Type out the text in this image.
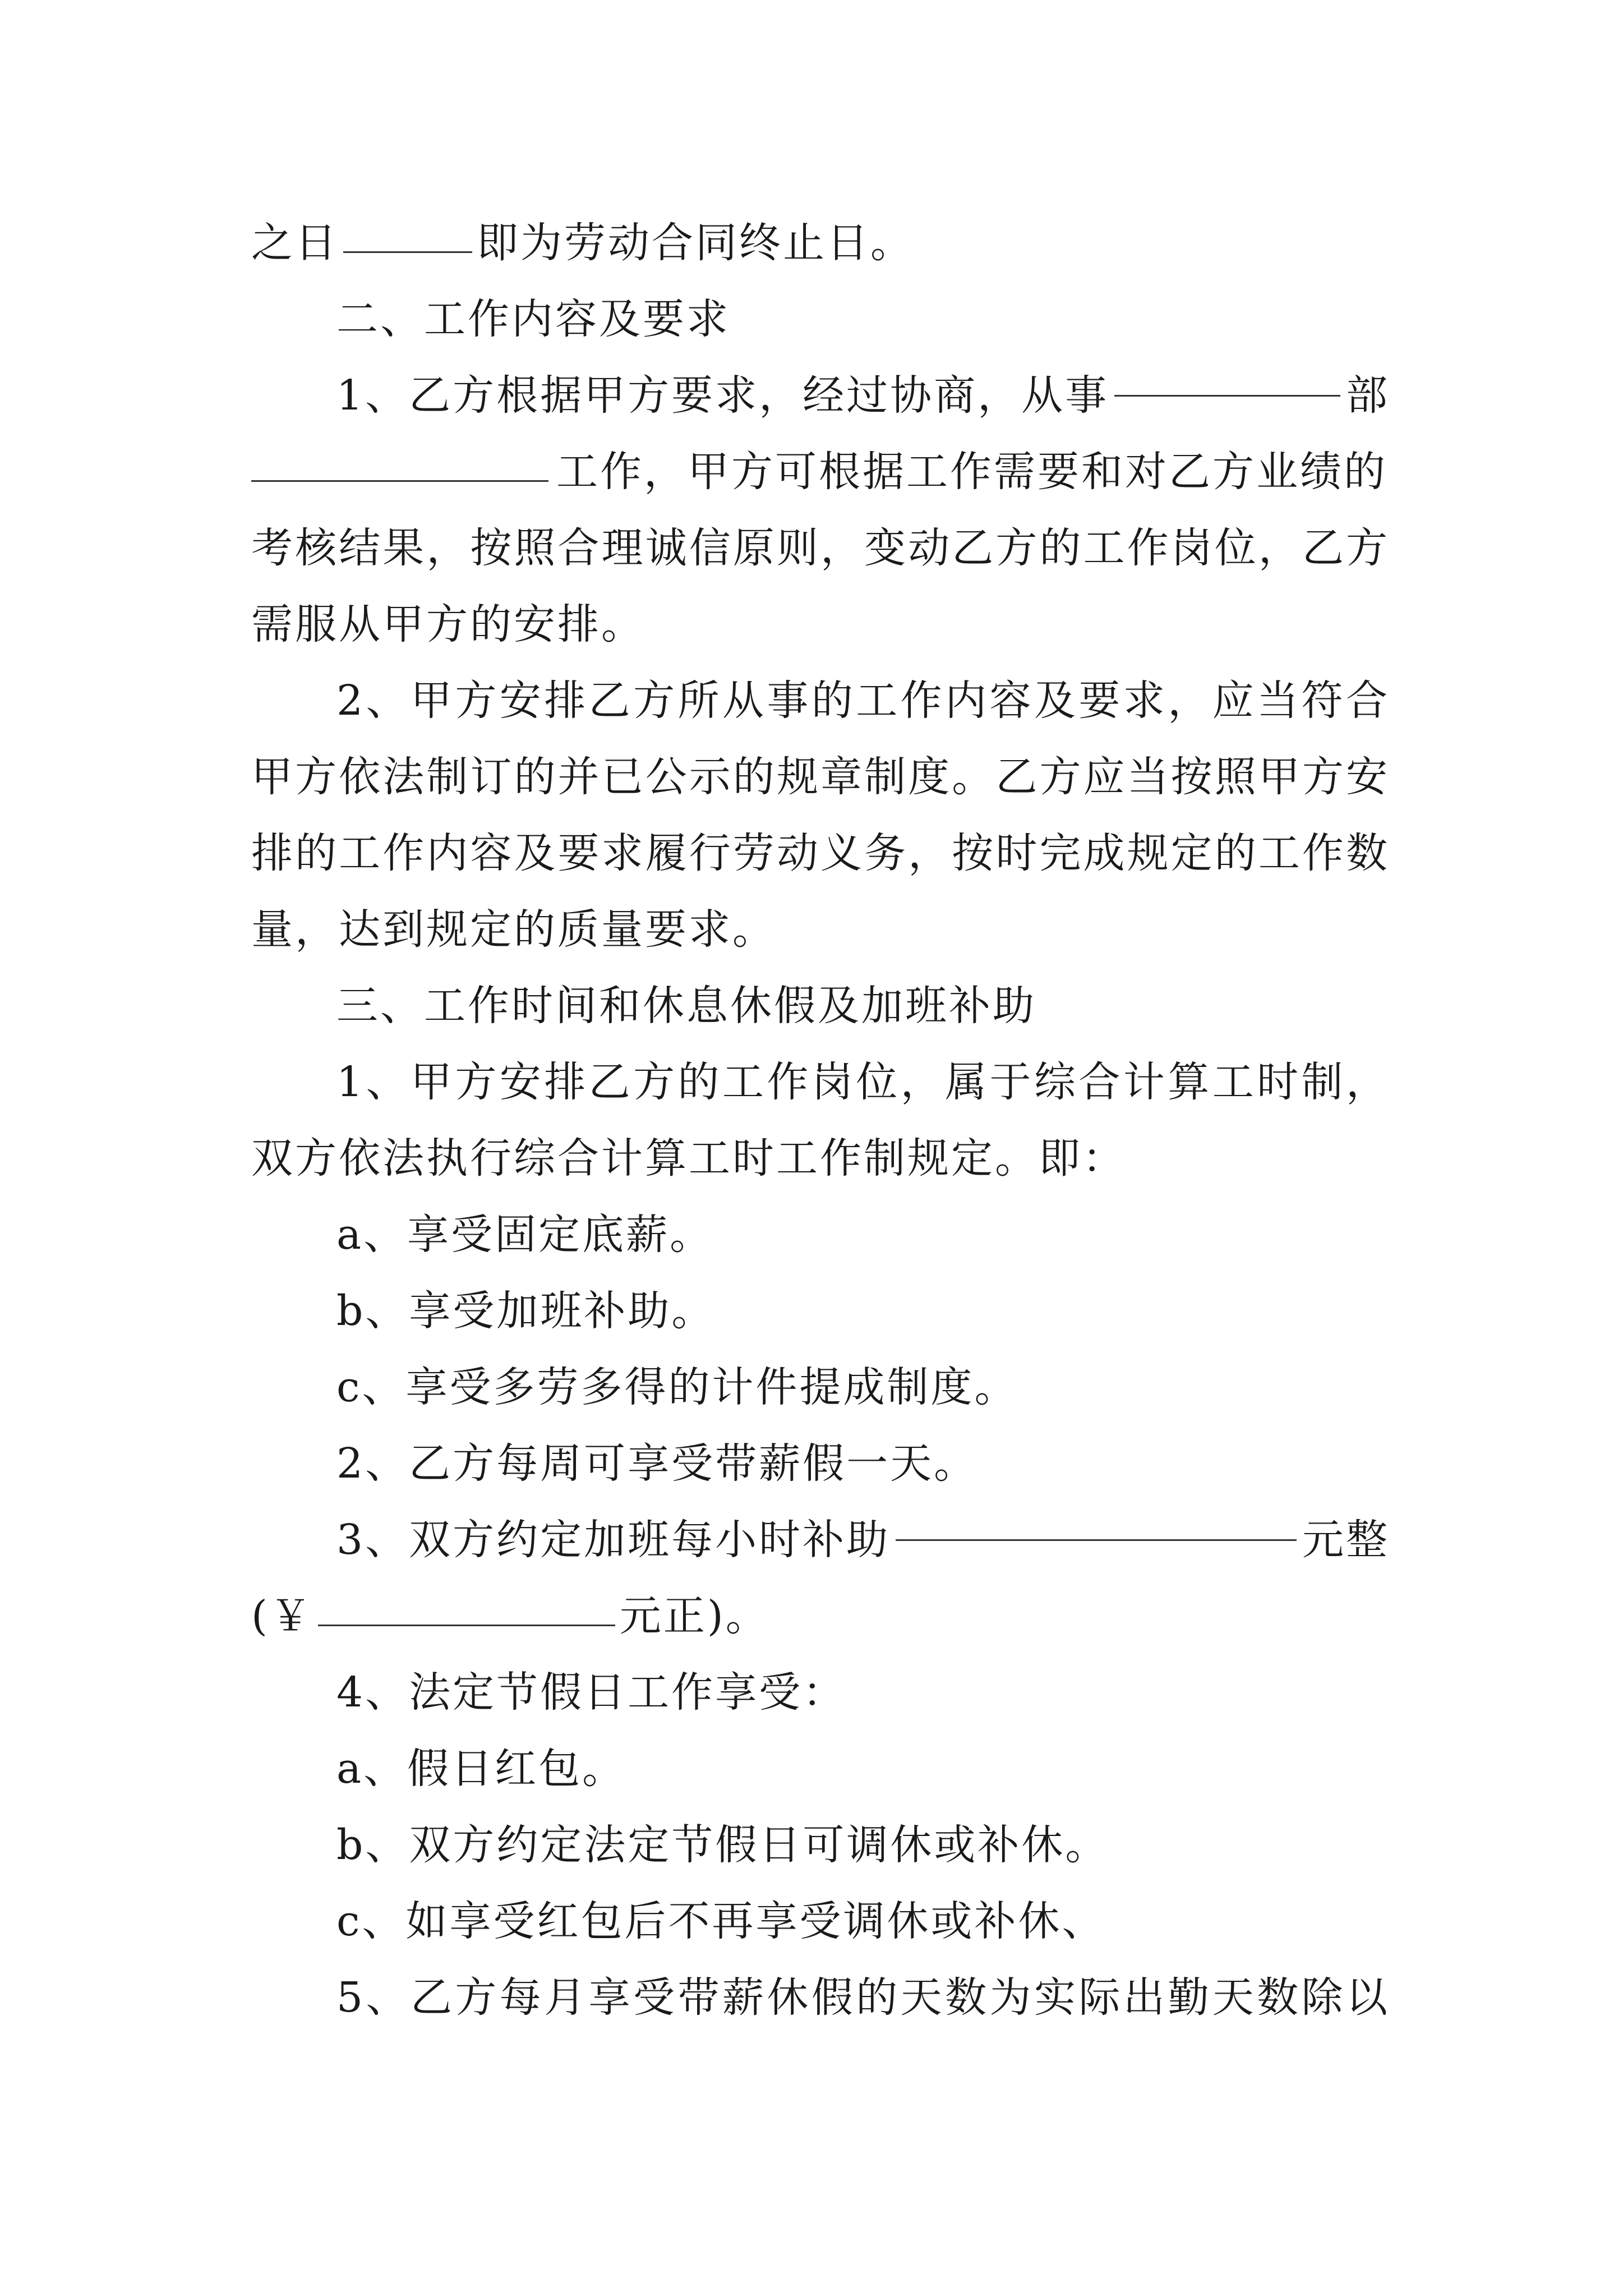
之日	即为劳动合同终止日。
二、工作内容及要求
1、乙方根据甲方要求，经过协商，从事	部
工作，甲方可根据工作需要和对乙方业绩的
考核结果，按照合理诚信原则，变动乙方的工作岗位，乙方
需服从甲方的安排。
2、甲方安排乙方所从事的工作内容及要求，应当符合
甲方依法制订的并已公示的规章制度。乙方应当按照甲方安
排的工作内容及要求履行劳动义务，按时完成规定的工作数
量，达到规定的质量要求。
三、工作时间和休息休假及加班补助
1、甲方安排乙方的工作岗位，属于综合计算工时制，
双方依法执行综合计算工时工作制规定。即：
a、享受固定底薪。
b、享受加班补助。
c、享受多劳多得的计件提成制度。
2、乙方每周可享受带薪假一天。
3、双方约定加班每小时补助	元整
(￥	元正)。
4、法定节假日工作享受：
a、假日红包。
b、双方约定法定节假日可调休或补休。
c、如享受红包后不再享受调休或补休、
5、乙方每月享受带薪休假的天数为实际出勤天数除以
